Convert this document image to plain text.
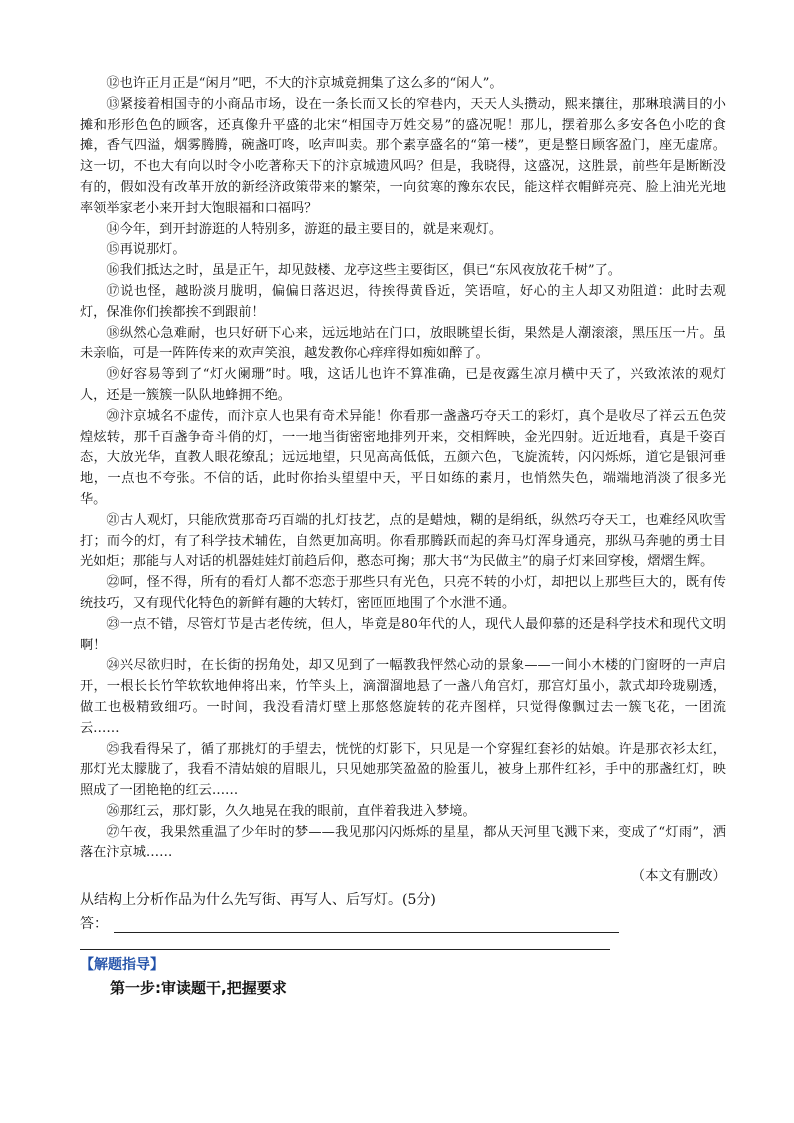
⑫也许正月正是“闲月”吧，不大的汴京城竟拥集了这么多的“闲人”。

⑬紧接着相国寺的小商品市场，设在一条长而又长的窄巷内，天天人头攒动，熙来攘往，那琳琅满目的小摊和形形色色的顾客，还真像升平盛的北宋“相国寺万姓交易”的盛况呢！那儿，摆着那么多安各色小吃的食摊，香气四溢，烟雾腾腾，碗盏叮咚，吆声叫卖。那个素享盛名的“第一楼”，更是整日顾客盈门，座无虚席。这一切，不也大有向以时令小吃著称天下的汴京城遗风吗？但是，我晓得，这盛况，这胜景，前些年是断断没有的，假如没有改革开放的新经济政策带来的繁荣，一向贫寒的豫东农民，能这样衣帽鲜亮亮、脸上油光光地率领举家老小来开封大饱眼福和口福吗？

⑭今年，到开封游逛的人特别多，游逛的最主要目的，就是来观灯。

⑮再说那灯。

⑯我们抵达之时，虽是正午，却见鼓楼、龙亭这些主要街区，俱已“东风夜放花千树”了。

⑰说也怪，越盼淡月胧明，偏偏日落迟迟，待挨得黄昏近，笑语喧，好心的主人却又劝阻道：此时去观灯，保准你们挨都挨不到跟前！

⑱纵然心急难耐，也只好研下心来，远远地站在门口，放眼眺望长街，果然是人潮滚滚，黑压压一片。虽未亲临，可是一阵阵传来的欢声笑浪，越发教你心痒痒得如痴如醉了。

⑲好容易等到了“灯火阑珊”时。哦，这话儿也许不算准确，已是夜露生凉月横中天了，兴致浓浓的观灯人，还是一簇簇一队队地蜂拥不绝。

⑳汴京城名不虚传，而汴京人也果有奇术异能！你看那一盏盏巧夺天工的彩灯，真个是收尽了祥云五色荧煌炫转，那千百盏争奇斗俏的灯，一一地当街密密地排列开来，交相辉映，金光四射。近近地看，真是千姿百态，大放光华，直教人眼花缭乱；远远地望，只见高高低低，五颜六色，飞旋流转，闪闪烁烁，道它是银河垂地，一点也不夸张。不信的话，此时你抬头望望中天，平日如练的素月，也悄然失色，端端地消淡了很多光华。

㉑古人观灯，只能欣赏那奇巧百端的扎灯技艺，点的是蜡烛，糊的是绢纸，纵然巧夺天工，也难经风吹雪打；而今的灯，有了科学技术辅佐，自然更加高明。你看那腾跃而起的奔马灯浑身通亮，那纵马奔驰的勇士目光如炬；那能与人对话的机器娃娃灯前趋后仰，憨态可掬；那大书“为民做主”的扇子灯来回穿梭，熠熠生辉。

㉒呵，怪不得，所有的看灯人都不恋恋于那些只有光色，只亮不转的小灯，却把以上那些巨大的，既有传统技巧，又有现代化特色的新鲜有趣的大转灯，密匝匝地围了个水泄不通。

㉓一点不错，尽管灯节是古老传统，但人，毕竟是80年代的人，现代人最仰慕的还是科学技术和现代文明啊！

㉔兴尽欲归时，在长街的拐角处，却又见到了一幅教我怦然心动的景象——一间小木楼的门窗呀的一声启开，一根长长竹竿软软地伸将出来，竹竿头上，滴溜溜地悬了一盏八角宫灯，那宫灯虽小，款式却玲珑剔透，做工也极精致细巧。一时间，我没看清灯壁上那悠悠旋转的花卉图样，只觉得像飘过去一簇飞花，一团流云……

㉕我看得呆了，循了那挑灯的手望去，恍恍的灯影下，只见是一个穿猩红套衫的姑娘。许是那衣衫太红，那灯光太朦胧了，我看不清姑娘的眉眼儿，只见她那笑盈盈的脸蛋儿，被身上那件红衫，手中的那盏红灯，映照成了一团艳艳的红云……

㉖那红云，那灯影，久久地晃在我的眼前，直伴着我进入梦境。

㉗午夜，我果然重温了少年时的梦——我见那闪闪烁烁的星星，都从天河里飞溅下来，变成了“灯雨”，洒落在汴京城……

（本文有删改）
从结构上分析作品为什么先写街、再写人、后写灯。(5分)
答：
【解题指导】
第一步:审读题干,把握要求
